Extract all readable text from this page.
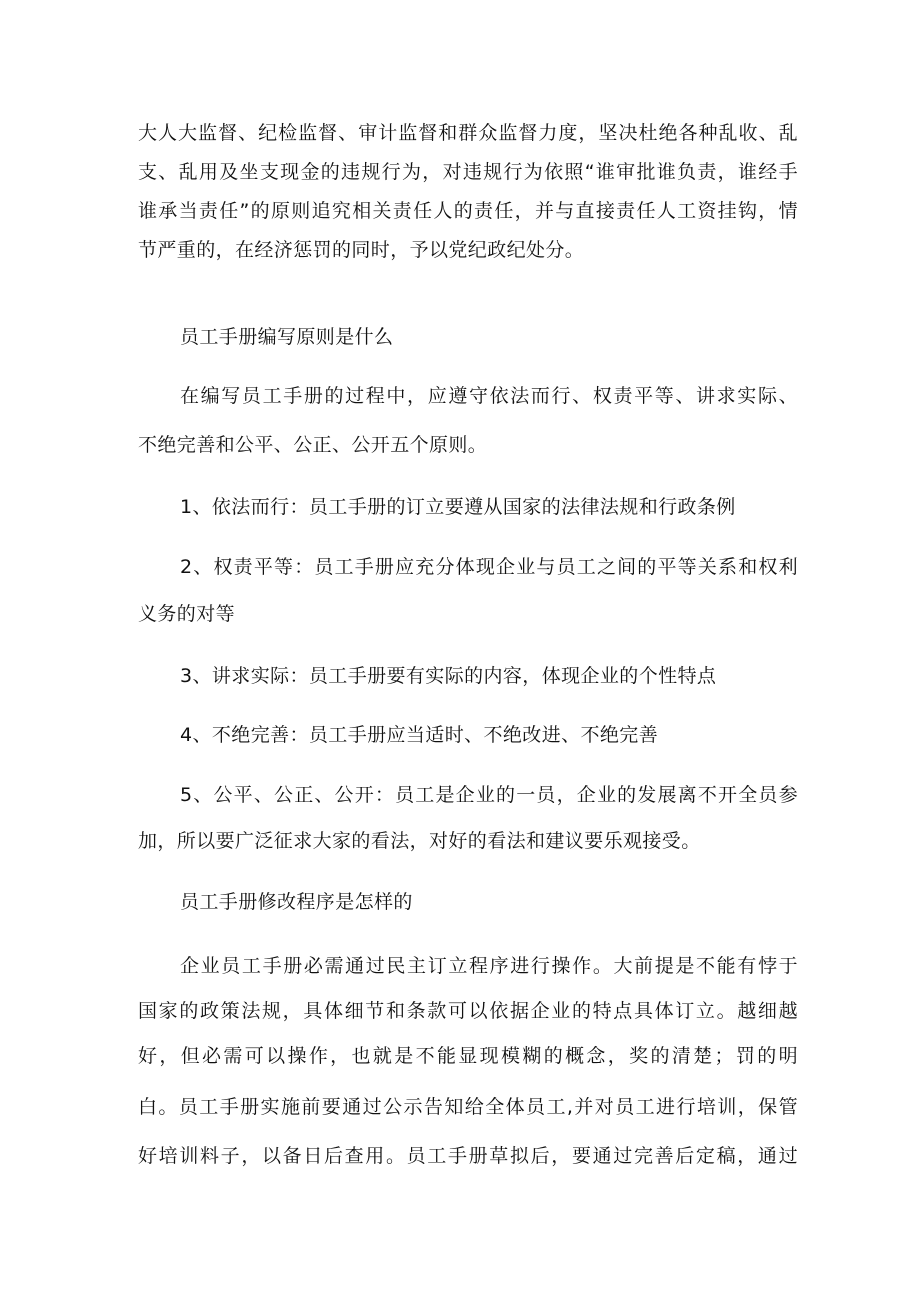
大人大监督、纪检监督、审计监督和群众监督力度，坚决杜绝各种乱收、乱
支、乱用及坐支现金的违规行为，对违规行为依照“谁审批谁负责，谁经手
谁承当责任”的原则追究相关责任人的责任，并与直接责任人工资挂钩，情
节严重的，在经济惩罚的同时，予以党纪政纪处分。
员工手册编写原则是什么
在编写员工手册的过程中，应遵守依法而行、权责平等、讲求实际、
不绝完善和公平、公正、公开五个原则。
1、依法而行：员工手册的订立要遵从国家的法律法规和行政条例
2、权责平等：员工手册应充分体现企业与员工之间的平等关系和权利
义务的对等
3、讲求实际：员工手册要有实际的内容，体现企业的个性特点
4、不绝完善：员工手册应当适时、不绝改进、不绝完善
5、公平、公正、公开：员工是企业的一员，企业的发展离不开全员参
加，所以要广泛征求大家的看法，对好的看法和建议要乐观接受。
员工手册修改程序是怎样的
企业员工手册必需通过民主订立程序进行操作。大前提是不能有悖于
国家的政策法规，具体细节和条款可以依据企业的特点具体订立。越细越
好，但必需可以操作，也就是不能显现模糊的概念，奖的清楚；罚的明
白。员工手册实施前要通过公示告知给全体员工,并对员工进行培训，保管
好培训料子，以备日后查用。员工手册草拟后，要通过完善后定稿，通过
